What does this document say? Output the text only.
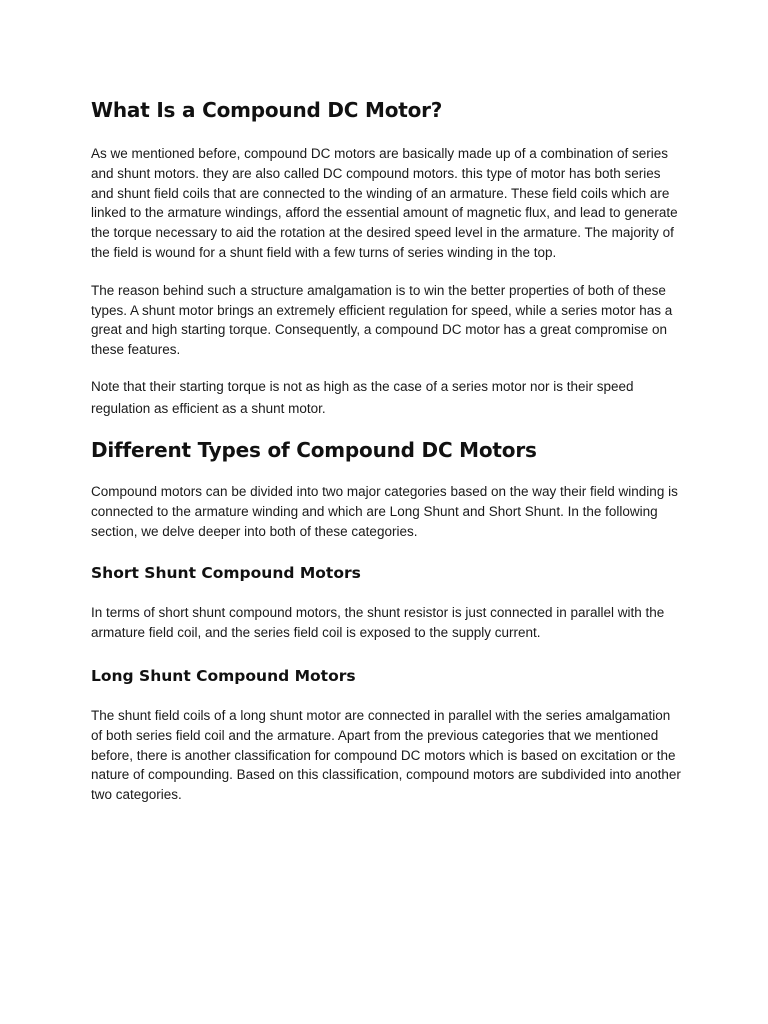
What Is a Compound DC Motor?

As we mentioned before, compound DC motors are basically made up of a combination of series and shunt motors. they are also called DC compound motors. this type of motor has both series and shunt field coils that are connected to the winding of an armature. These field coils which are linked to the armature windings, afford the essential amount of magnetic flux, and lead to generate the torque necessary to aid the rotation at the desired speed level in the armature. The majority of the field is wound for a shunt field with a few turns of series winding in the top.

The reason behind such a structure amalgamation is to win the better properties of both of these types. A shunt motor brings an extremely efficient regulation for speed, while a series motor has a great and high starting torque. Consequently, a compound DC motor has a great compromise on these features.

Note that their starting torque is not as high as the case of a series motor nor is their speed regulation as efficient as a shunt motor.

Different Types of Compound DC Motors

Compound motors can be divided into two major categories based on the way their field winding is connected to the armature winding and which are Long Shunt and Short Shunt. In the following section, we delve deeper into both of these categories.

Short Shunt Compound Motors

In terms of short shunt compound motors, the shunt resistor is just connected in parallel with the armature field coil, and the series field coil is exposed to the supply current.

Long Shunt Compound Motors

The shunt field coils of a long shunt motor are connected in parallel with the series amalgamation of both series field coil and the armature. Apart from the previous categories that we mentioned before, there is another classification for compound DC motors which is based on excitation or the nature of compounding. Based on this classification, compound motors are subdivided into another two categories.
